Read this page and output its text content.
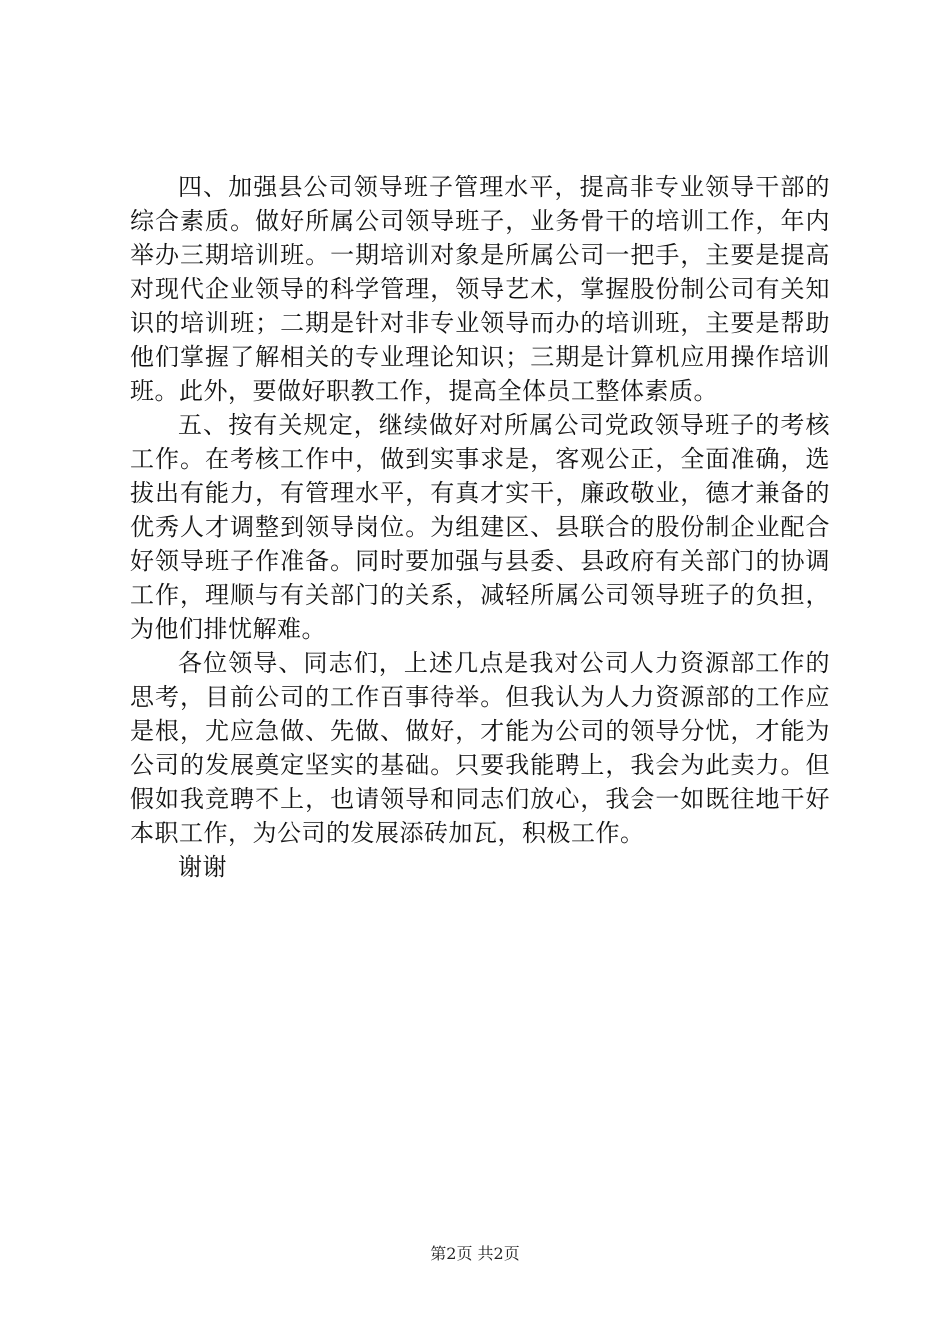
四、加强县公司领导班子管理水平，提高非专业领导干部的综合素质。做好所属公司领导班子，业务骨干的培训工作，年内举办三期培训班。一期培训对象是所属公司一把手，主要是提高对现代企业领导的科学管理，领导艺术，掌握股份制公司有关知识的培训班；二期是针对非专业领导而办的培训班，主要是帮助他们掌握了解相关的专业理论知识；三期是计算机应用操作培训班。此外，要做好职教工作，提高全体员工整体素质。

五、按有关规定，继续做好对所属公司党政领导班子的考核工作。在考核工作中，做到实事求是，客观公正，全面准确，选拔出有能力，有管理水平，有真才实干，廉政敬业，德才兼备的优秀人才调整到领导岗位。为组建区、县联合的股份制企业配合好领导班子作准备。同时要加强与县委、县政府有关部门的协调工作，理顺与有关部门的关系，减轻所属公司领导班子的负担，为他们排忧解难。

各位领导、同志们，上述几点是我对公司人力资源部工作的思考，目前公司的工作百事待举。但我认为人力资源部的工作应是根，尤应急做、先做、做好，才能为公司的领导分忧，才能为公司的发展奠定坚实的基础。只要我能聘上，我会为此卖力。但假如我竞聘不上，也请领导和同志们放心，我会一如既往地干好本职工作，为公司的发展添砖加瓦，积极工作。

谢谢

第2页 共2页
